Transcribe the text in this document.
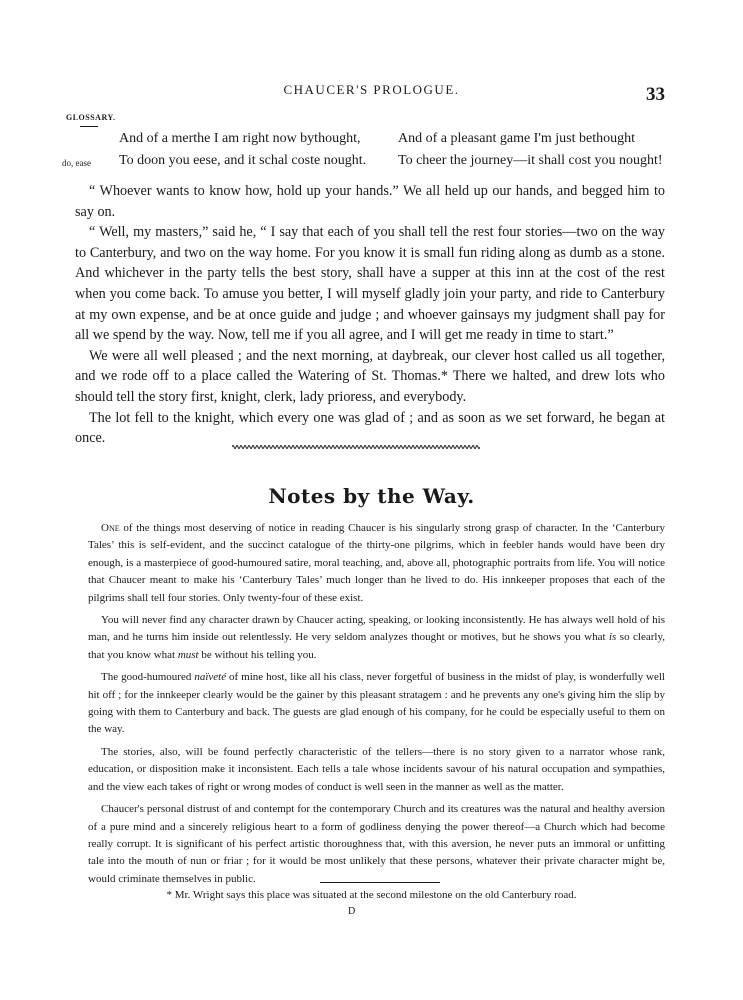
CHAUCER'S PROLOGUE.	33
GLOSSARY.
And of a merthe I am right now bythought,	And of a pleasant game I'm just bethought
do, ease To doon you eese, and it schal coste nought. To cheer the journey—it shall cost you nought!

“ Whoever wants to know how, hold up your hands.” We all held up our hands, and begged him to say on.

“ Well, my masters,” said he, “ I say that each of you shall tell the rest four stories—two on the way to Canterbury, and two on the way home. For you know it is small fun riding along as dumb as a stone. And whichever in the party tells the best story, shall have a supper at this inn at the cost of the rest when you come back. To amuse you better, I will myself gladly join your party, and ride to Canterbury at my own expense, and be at once guide and judge ; and whoever gainsays my judgment shall pay for all we spend by the way. Now, tell me if you all agree, and I will get me ready in time to start.”

We were all well pleased ; and the next morning, at daybreak, our clever host called us all together, and we rode off to a place called the Watering of St. Thomas.* There we halted, and drew lots who should tell the story first, knight, clerk, lady prioress, and everybody.

The lot fell to the knight, which every one was glad of ; and as soon as we set forward, he began at once.

Notes by the Way.

One of the things most deserving of notice in reading Chaucer is his singularly strong grasp of character. In the ‘Canterbury Tales’ this is self-evident, and the succinct catalogue of the thirty-one pilgrims, which in feebler hands would have been dry enough, is a masterpiece of good-humoured satire, moral teaching, and, above all, photographic portraits from life. You will notice that Chaucer meant to make his ‘Canterbury Tales’ much longer than he lived to do. His innkeeper proposes that each of the pilgrims shall tell four stories. Only twenty-four of these exist.

You will never find any character drawn by Chaucer acting, speaking, or looking inconsistently. He has always well hold of his man, and he turns him inside out relentlessly. He very seldom analyzes thought or motives, but he shows you what is so clearly, that you know what must be without his telling you.

The good-humoured naïveté of mine host, like all his class, never forgetful of business in the midst of play, is wonderfully well hit off ; for the innkeeper clearly would be the gainer by this pleasant stratagem : and he prevents any one's giving him the slip by going with them to Canterbury and back. The guests are glad enough of his company, for he could be especially useful to them on the way.

The stories, also, will be found perfectly characteristic of the tellers—there is no story given to a narrator whose rank, education, or disposition make it inconsistent. Each tells a tale whose incidents savour of his natural occupation and sympathies, and the view each takes of right or wrong modes of conduct is well seen in the manner as well as the matter.

Chaucer's personal distrust of and contempt for the contemporary Church and its creatures was the natural and healthy aversion of a pure mind and a sincerely religious heart to a form of godliness denying the power thereof—a Church which had become really corrupt. It is significant of his perfect artistic thoroughness that, with this aversion, he never puts an immoral or unfitting tale into the mouth of nun or friar ; for it would be most unlikely that these persons, whatever their private character might be, would criminate themselves in public.

* Mr. Wright says this place was situated at the second milestone on the old Canterbury road.
D
